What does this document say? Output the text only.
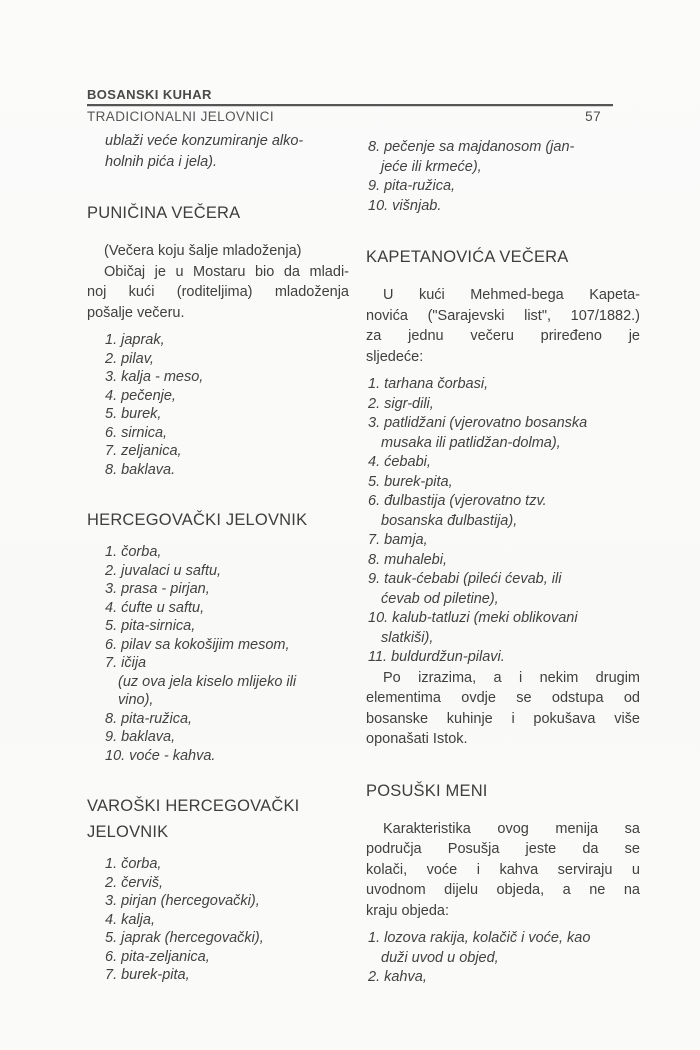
BOSANSKI KUHAR
TRADICIONALNI JELOVNICI	57
ublaži veće konzumiranje alko-
holnih pića i jela).
PUNIČINA VEČERA
(Večera koju šalje mladoženja)
Običaj je u Mostaru bio da mladi-
noj kući (roditeljima) mladoženja
pošalje večeru.
1. japrak,
2. pilav,
3. kalja - meso,
4. pečenje,
5. burek,
6. sirnica,
7. zeljanica,
8. baklava.
HERCEGOVAČKI JELOVNIK
1. čorba,
2. juvalaci u saftu,
3. prasa - pirjan,
4. ćufte u saftu,
5. pita-sirnica,
6. pilav sa kokošijim mesom,
7. ičija
(uz ova jela kiselo mlijeko ili
vino),
8. pita-ružica,
9. baklava,
10. voće - kahva.
VAROŠKI HERCEGOVAČKI
JELOVNIK
1. čorba,
2. červiš,
3. pirjan (hercegovački),
4. kalja,
5. japrak (hercegovački),
6. pita-zeljanica,
7. burek-pita,
8. pečenje sa majdanosom (jan-
jeće ili krmeće),
9. pita-ružica,
10. višnjab.
KAPETANOVIĆA VEČERA
U kući Mehmed-bega Kapeta-
novića ("Sarajevski list", 107/1882.)
za jednu večeru priređeno je
sljedeće:
1. tarhana čorbasi,
2. sigr-dili,
3. patlidžani (vjerovatno bosanska
musaka ili patlidžan-dolma),
4. ćebabi,
5. burek-pita,
6. đulbastija (vjerovatno tzv.
bosanska đulbastija),
7. bamja,
8. muhalebi,
9. tauk-ćebabi (pileći ćevab, ili
ćevab od piletine),
10. kalub-tatluzi (meki oblikovani
slatkiši),
11. buldurdžun-pilavi.
Po izrazima, a i nekim drugim
elementima ovdje se odstupa od
bosanske kuhinje i pokušava više
oponašati Istok.
POSUŠKI MENI
Karakteristika ovog menija sa
područja Posušja jeste da se
kolači, voće i kahva serviraju u
uvodnom dijelu objeda, a ne na
kraju objeda:
1. lozova rakija, kolačič i voće, kao
duži uvod u objed,
2. kahva,
